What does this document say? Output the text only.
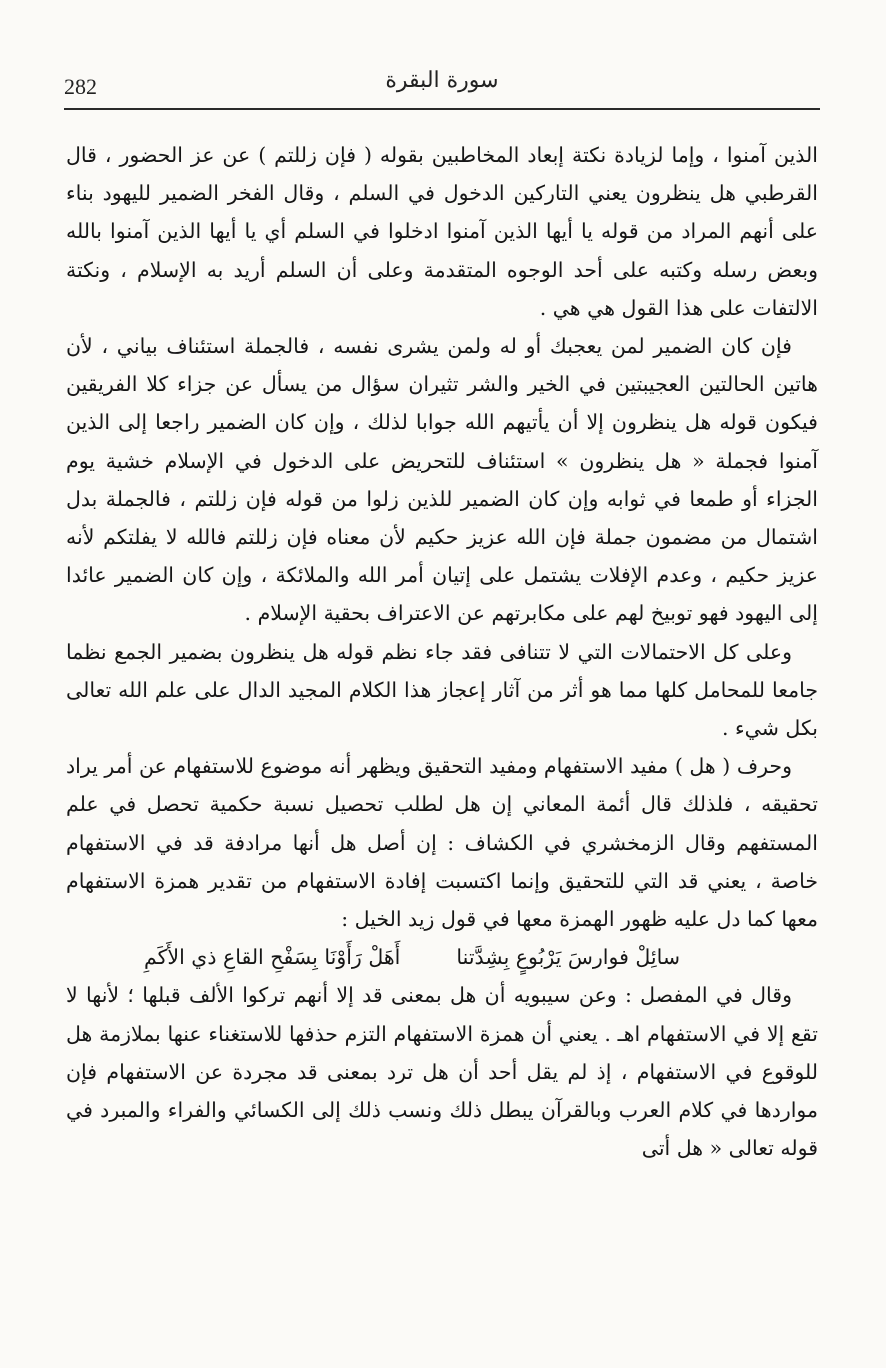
282	سورة البقرة

الذين آمنوا ، وإما لزيادة نكتة إبعاد المخاطبين بقوله ( فإن زللتم ) عن عز الحضور ، قال القرطبي هل ينظرون يعني التاركين الدخول في السلم ، وقال الفخر الضمير لليهود بناء على أنهم المراد من قوله يا أيها الذين آمنوا ادخلوا في السلم أي يا أيها الذين آمنوا بالله وبعض رسله وكتبه على أحد الوجوه المتقدمة وعلى أن السلم أريد به الإسلام ، ونكتة الالتفات على هذا القول هي هي .

فإن كان الضمير لمن يعجبك أو له ولمن يشرى نفسه ، فالجملة استئناف بياني ، لأن هاتين الحالتين العجيبتين في الخير والشر تثيران سؤال من يسأل عن جزاء كلا الفريقين فيكون قوله هل ينظرون إلا أن يأتيهم الله جوابا لذلك ، وإن كان الضمير راجعا إلى الذين آمنوا فجملة « هل ينظرون » استئناف للتحريض على الدخول في الإسلام خشية يوم الجزاء أو طمعا في ثوابه وإن كان الضمير للذين زلوا من قوله فإن زللتم ، فالجملة بدل اشتمال من مضمون جملة فإن الله عزيز حكيم لأن معناه فإن زللتم فالله لا يفلتكم لأنه عزيز حكيم ، وعدم الإفلات يشتمل على إتيان أمر الله والملائكة ، وإن كان الضمير عائدا إلى اليهود فهو توبيخ لهم على مكابرتهم عن الاعتراف بحقية الإسلام .

وعلى كل الاحتمالات التي لا تتنافى فقد جاء نظم قوله هل ينظرون بضمير الجمع نظما جامعا للمحامل كلها مما هو أثر من آثار إعجاز هذا الكلام المجيد الدال على علم الله تعالى بكل شيء .

وحرف ( هل ) مفيد الاستفهام ومفيد التحقيق ويظهر أنه موضوع للاستفهام عن أمر يراد تحقيقه ، فلذلك قال أئمة المعاني إن هل لطلب تحصيل نسبة حكمية تحصل في علم المستفهم وقال الزمخشري في الكشاف : إن أصل هل أنها مرادفة قد في الاستفهام خاصة ، يعني قد التي للتحقيق وإنما اكتسبت إفادة الاستفهام من تقدير همزة الاستفهام معها كما دل عليه ظهور الهمزة معها في قول زيد الخيل :

سائِلْ فوارسَ يَرْبُوعٍ بِشِدَّتنا
أَهَلْ رَأَوْنَا بِسَفْحِ القاعِ ذي الأَكَمِ

وقال في المفصل : وعن سيبويه أن هل بمعنى قد إلا أنهم تركوا الألف قبلها ؛ لأنها لا تقع إلا في الاستفهام اهـ . يعني أن همزة الاستفهام التزم حذفها للاستغناء عنها بملازمة هل للوقوع في الاستفهام ، إذ لم يقل أحد أن هل ترد بمعنى قد مجردة عن الاستفهام فإن مواردها في كلام العرب وبالقرآن يبطل ذلك ونسب ذلك إلى الكسائي والفراء والمبرد في قوله تعالى « هل أتى
